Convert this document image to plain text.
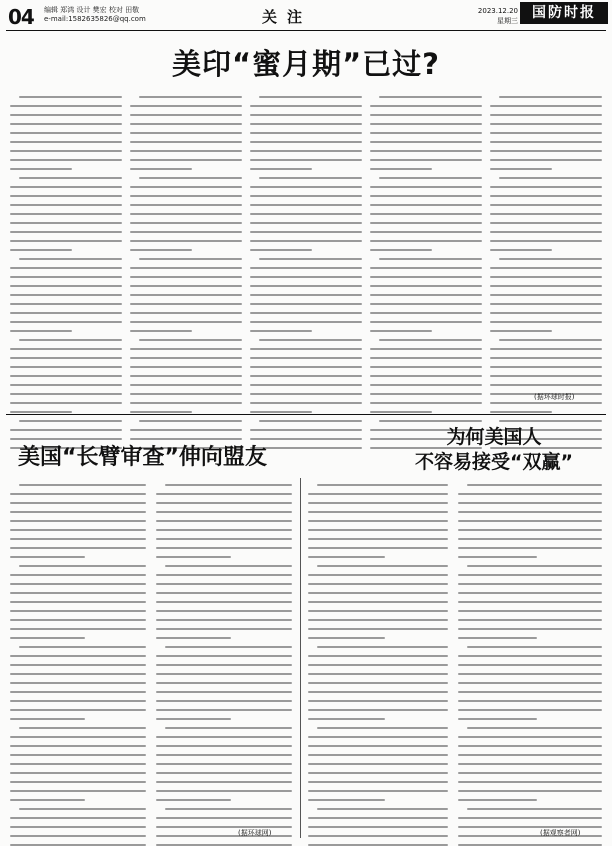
04 编辑 郑鸿 设计 樊宏 校对 田敬
e-mail:1582635826@qq.com	关注	2023.12.20
星期三	国防时报
美印“蜜月期”已过?
(据环球时报)
美国“长臂审查”伸向盟友
为何美国人
不容易接受“双赢”
(据环球网)	(据观察者网)
